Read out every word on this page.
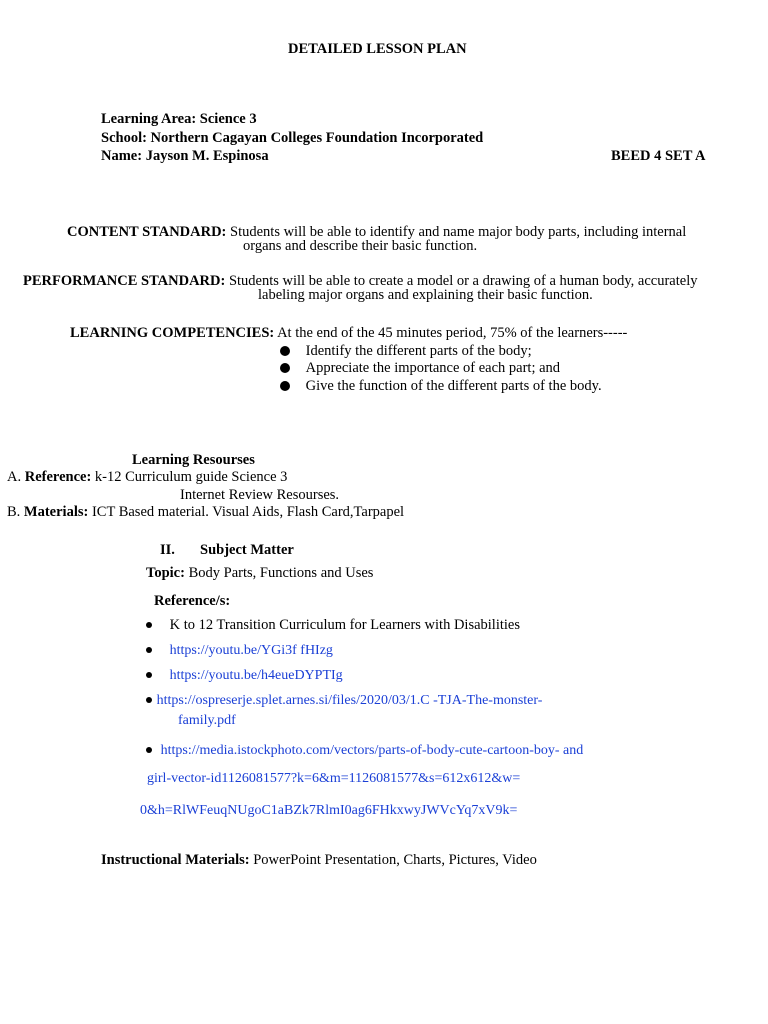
DETAILED LESSON PLAN
Learning Area: Science 3
School: Northern Cagayan Colleges Foundation Incorporated
Name: Jayson M. Espinosa	BEED 4 SET A
CONTENT STANDARD: Students will be able to identify and name major body parts, including internal
organs and describe their basic function.
PERFORMANCE STANDARD: Students will be able to create a model or a drawing of a human body, accurately
labeling major organs and explaining their basic function.
LEARNING COMPETENCIES: At the end of the 45 minutes period, 75% of the learners-----
Identify the different parts of the body;
Appreciate the importance of each part; and
Give the function of the different parts of the body.
Learning Resourses
A. Reference: k-12 Curriculum guide Science 3
Internet Review Resourses.
B. Materials: ICT Based material. Visual Aids, Flash Card,Tarpapel
II. Subject Matter
Topic: Body Parts, Functions and Uses
Reference/s:
K to 12 Transition Curriculum for Learners with Disabilities
https://youtu.be/YGi3f fHIzg
https://youtu.be/h4eueDYPTIg
https://ospreserje.splet.arnes.si/files/2020/03/1.C -TJA-The-monster-
family.pdf
https://media.istockphoto.com/vectors/parts-of-body-cute-cartoon-boy- and
girl-vector-id1126081577?k=6&m=1126081577&s=612x612&w=
0&h=RlWFeuqNUgoC1aBZk7RlmI0ag6FHkxwyJWVcYq7xV9k=
Instructional Materials: PowerPoint Presentation, Charts, Pictures, Video
